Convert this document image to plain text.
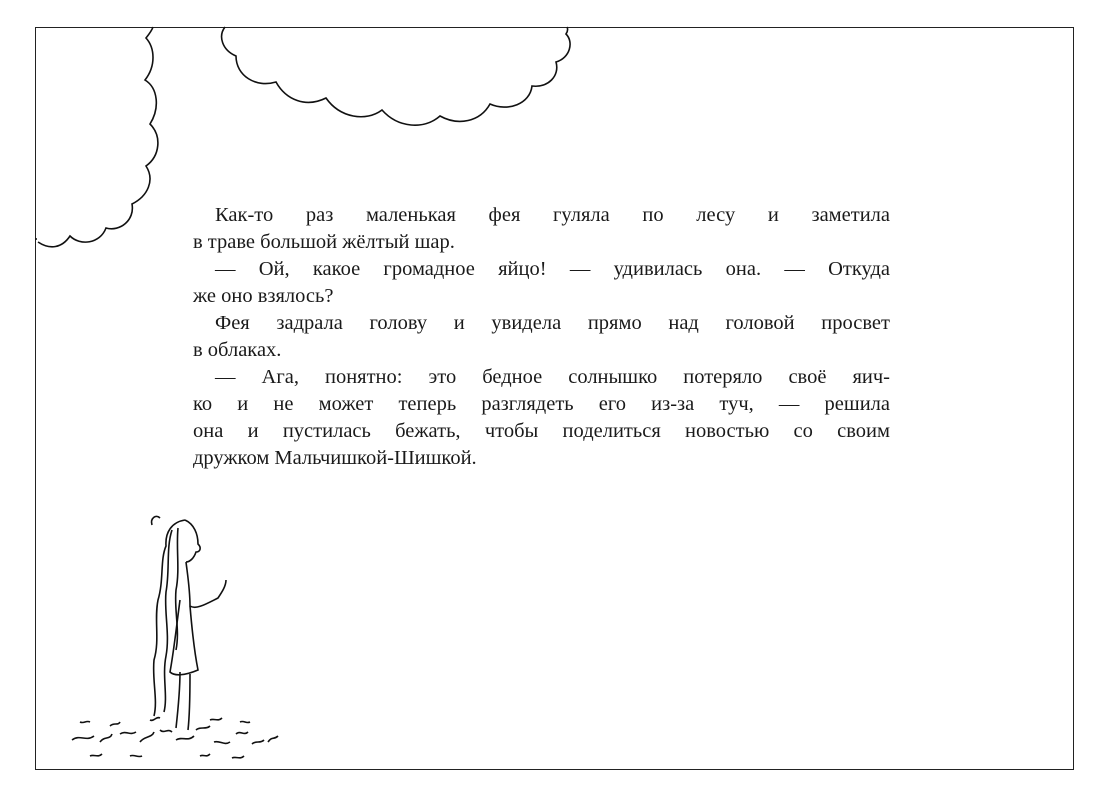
Как-то раз маленькая фея гуляла по лесу и заметила
в траве большой жёлтый шар.
— Ой, какое громадное яйцо! — удивилась она. — Откуда
же оно взялось?
Фея задрала голову и увидела прямо над головой просвет
в облаках.
— Ага, понятно: это бедное солнышко потеряло своё яич-
ко и не может теперь разглядеть его из-за туч, — решила
она и пустилась бежать, чтобы поделиться новостью со своим
дружком Мальчишкой-Шишкой.
